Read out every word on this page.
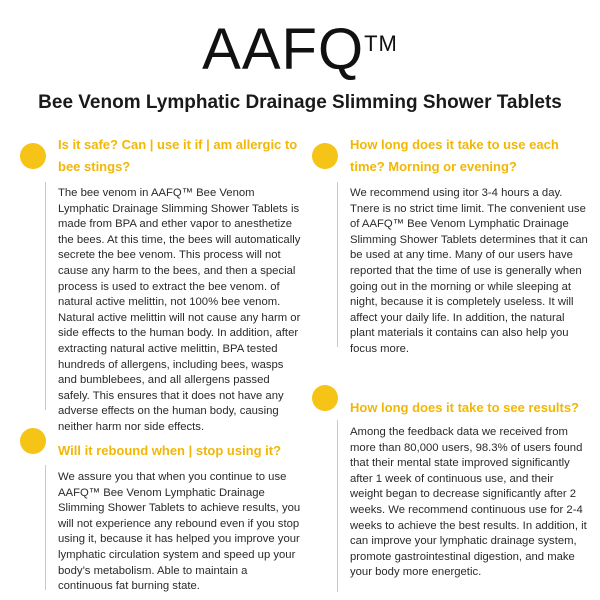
AAFQ™
Bee Venom Lymphatic Drainage Slimming Shower Tablets
Is it safe? Can | use it if | am allergic to bee stings?
The bee venom in AAFQ™ Bee Venom Lymphatic Drainage Slimming Shower Tablets is made from BPA and ether vapor to anesthetize the bees. At this time, the bees will automatically secrete the bee venom. This process will not cause any harm to the bees, and then a special process is used to extract the bee venom. of natural active melittin, not 100% bee venom. Natural active melittin will not cause any harm or side effects to the human body. In addition, after extracting natural active melittin, BPA tested hundreds of allergens, including bees, wasps and bumblebees, and all allergens passed safely. This ensures that it does not have any adverse effects on the human body, causing neither harm nor side effects.
Will it rebound when | stop using it?
We assure you that when you continue to use AAFQ™ Bee Venom Lymphatic Drainage Slimming Shower Tablets to achieve results, you will not experience any rebound even if you stop using it, because it has helped you improve your lymphatic circulation system and speed up your body’s metabolism. Able to maintain a continuous fat burning state.
How long does it take to use each time? Morning or evening?
We recommend using itor 3-4 hours a day. Tnere is no strict time limit. The convenient use of AAFQ™ Bee Venom Lymphatic Drainage Slimming Shower Tablets determines that it can be used at any time. Many of our users have reported that the time of use is generally when going out in the morning or while sleeping at night, because it is completely useless. It will affect your daily life. In addition, the natural plant materials it contains can also help you focus more.
How long does it take to see results?
Among the feedback data we received from more than 80,000 users, 98.3% of users found that their mental state improved significantly after 1 week of continuous use, and their weight began to decrease significantly after 2 weeks. We recommend continuous use for 2-4 weeks to achieve the best results. In addition, it can improve your lymphatic drainage system, promote gastrointestinal digestion, and make your body more energetic.
